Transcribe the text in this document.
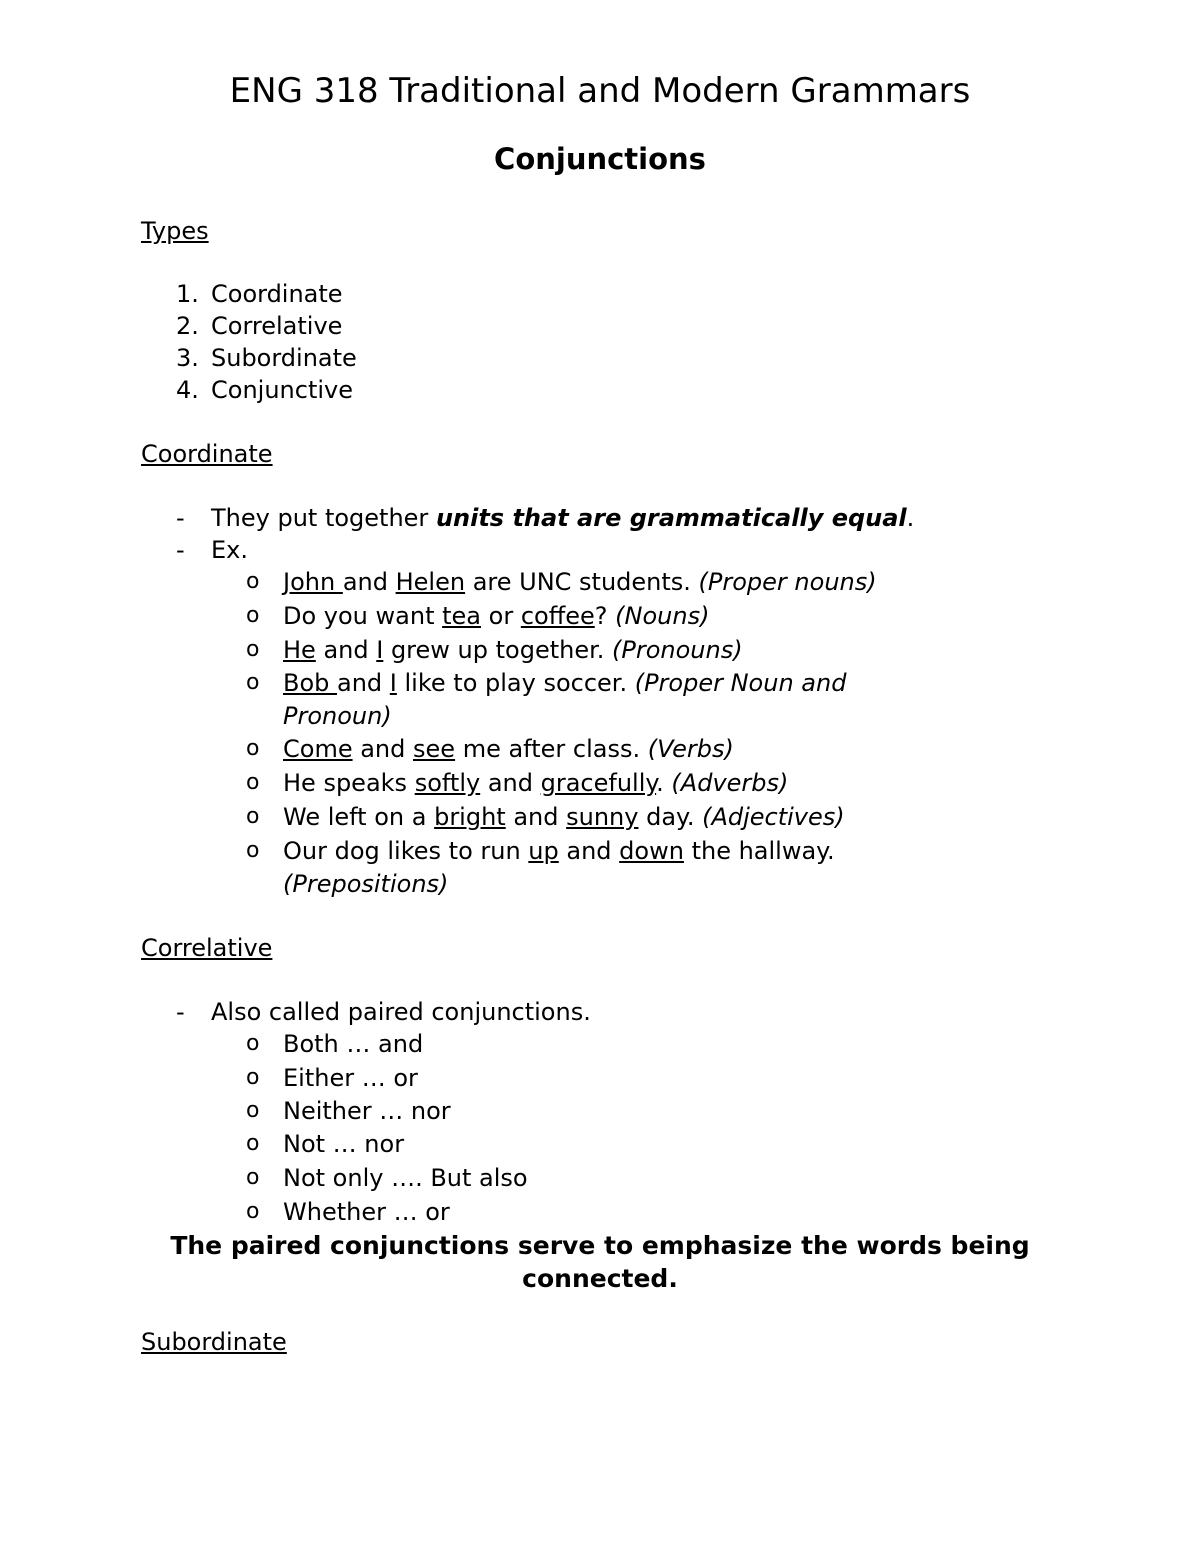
ENG 318 Traditional and Modern Grammars
Conjunctions
Types
1. Coordinate
2. Correlative
3. Subordinate
4. Conjunctive
Coordinate
- They put together units that are grammatically equal.
- Ex.
o John and Helen are UNC students. (Proper nouns)
o Do you want tea or coffee? (Nouns)
o He and I grew up together. (Pronouns)
o Bob and I like to play soccer. (Proper Noun and
Pronoun)
o Come and see me after class. (Verbs)
o He speaks softly and gracefully. (Adverbs)
o We left on a bright and sunny day. (Adjectives)
o Our dog likes to run up and down the hallway.
(Prepositions)
Correlative
- Also called paired conjunctions.
o Both … and
o Either … or
o Neither … nor
o Not … nor
o Not only …. But also
o Whether … or
The paired conjunctions serve to emphasize the words being connected.
Subordinate
